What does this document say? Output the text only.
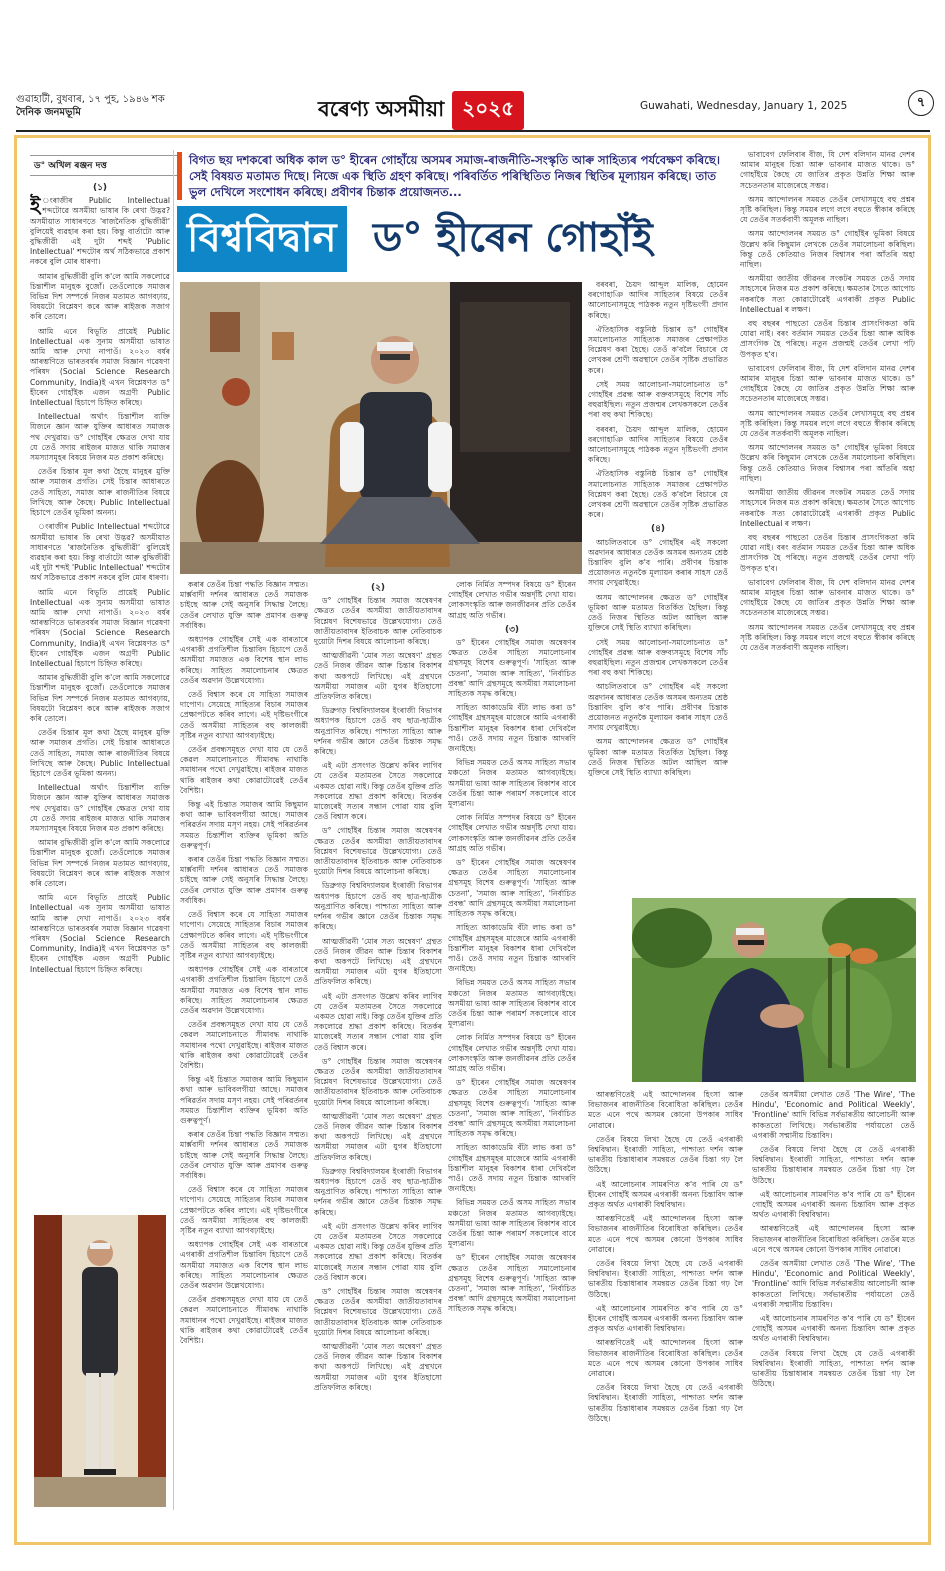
গুৱাহাটী, বুধবাৰ, ১৭ পুহ, ১৯৪৬ শক
দৈনিক জনমভূমি	বৰেণ্য অসমীয়া ২০২৫	Guwahati, Wednesday, January 1, 2025	৭
ড° অখিল ৰঞ্জন দত্ত	বিগত ছয় দশকৰো অধিক কাল ড° হীৰেন গোহাঁয়ে অসমৰ সমাজ-ৰাজনীতি-সংস্কৃতি আৰু সাহিত্যৰ পৰ্যবেক্ষণ কৰিছে। সেই বিষয়ত মতামত দিছে। নিজে এক স্থিতি গ্ৰহণ কৰিছে। পৰিবৰ্তিত পৰিস্থিতিত নিজৰ স্থিতিৰ মূল্যায়ন কৰিছে। তাত ভুল দেখিলে সংশোধন কৰিছে। প্ৰবীণৰ চিন্তাক প্ৰয়োজনত...
বিশ্ববিদ্বান ড° হীৰেন গোহাঁই
(১)
ই ংৰাজীৰ Public Intellectual শব্দটোৱে অসমীয়া ভাষাৰ কি ৰেখা উদ্ভৱ? অসমীয়াত সাধাৰণতে 'ৰাজনৈতিক বুদ্ধিজীৱী' বুলিয়েই ব্যৱহাৰ কৰা হয়। কিন্তু বাৰ্তাটো আৰু বুদ্ধিজীৱী এই দুটা শব্দই 'Public Intellectual' শব্দটোৰ অৰ্থ সঠিকভাৱে প্ৰকাশ নকৰে বুলি মোৰ ধাৰণা।

আমাৰ বুদ্ধিজীৱী বুলি ক'লে আমি সকলোৱে চিন্তাশীল মানুহক বুজোঁ। তেওঁলোকে সমাজৰ বিভিন্ন দিশ সম্পৰ্কে নিজৰ মতামত আগবঢ়ায়, বিষয়টো বিশ্লেষণ কৰে আৰু ৰাইজক সজাগ কৰি তোলে।

আমি এনে বিভূতি প্ৰায়েই Public Intellectual এক সুনাম অসমীয়া ভাষাত আমি আৰু দেখা নাপাওঁ। ২০২৩ বৰ্ষৰ আৰম্ভণিতে ভাৰতবৰ্ষৰ সমাজ বিজ্ঞান গৱেষণা পৰিষদ (Social Science Research Community, India)ই এখন বিশ্লেষণত ড° হীৰেন গোহাঁইক এজন অগ্ৰণী Public Intellectual হিচাপে চিহ্নিত কৰিছে।

Intellectual অৰ্থাৎ চিন্তাশীল ব্যক্তি যিজনে জ্ঞান আৰু যুক্তিৰ আধাৰত সমাজক পথ দেখুৱায়। ড° গোহাঁইৰ ক্ষেত্ৰত দেখা যায় যে তেওঁ সদায় ৰাইজৰ মাজত থাকি সমাজৰ সমস্যাসমূহৰ বিষয়ে নিজৰ মত প্ৰকাশ কৰিছে।

তেওঁৰ চিন্তাৰ মূল কথা হৈছে মানুহৰ মুক্তি আৰু সমাজৰ প্ৰগতি। সেই চিন্তাৰ আধাৰতে তেওঁ সাহিত্য, সমাজ আৰু ৰাজনীতিৰ বিষয়ে লিখিছে আৰু কৈছে। Public Intellectual হিচাপে তেওঁৰ ভূমিকা অনন্য।

ংৰাজীৰ Public Intellectual শব্দটোৱে অসমীয়া ভাষাৰ কি ৰেখা উদ্ভৱ? অসমীয়াত সাধাৰণতে 'ৰাজনৈতিক বুদ্ধিজীৱী' বুলিয়েই ব্যৱহাৰ কৰা হয়। কিন্তু বাৰ্তাটো আৰু বুদ্ধিজীৱী এই দুটা শব্দই 'Public Intellectual' শব্দটোৰ অৰ্থ সঠিকভাৱে প্ৰকাশ নকৰে বুলি মোৰ ধাৰণা।

আমি এনে বিভূতি প্ৰায়েই Public Intellectual এক সুনাম অসমীয়া ভাষাত আমি আৰু দেখা নাপাওঁ। ২০২৩ বৰ্ষৰ আৰম্ভণিতে ভাৰতবৰ্ষৰ সমাজ বিজ্ঞান গৱেষণা পৰিষদ (Social Science Research Community, India)ই এখন বিশ্লেষণত ড° হীৰেন গোহাঁইক এজন অগ্ৰণী Public Intellectual হিচাপে চিহ্নিত কৰিছে।

আমাৰ বুদ্ধিজীৱী বুলি ক'লে আমি সকলোৱে চিন্তাশীল মানুহক বুজোঁ। তেওঁলোকে সমাজৰ বিভিন্ন দিশ সম্পৰ্কে নিজৰ মতামত আগবঢ়ায়, বিষয়টো বিশ্লেষণ কৰে আৰু ৰাইজক সজাগ কৰি তোলে।

তেওঁৰ চিন্তাৰ মূল কথা হৈছে মানুহৰ মুক্তি আৰু সমাজৰ প্ৰগতি। সেই চিন্তাৰ আধাৰতে তেওঁ সাহিত্য, সমাজ আৰু ৰাজনীতিৰ বিষয়ে লিখিছে আৰু কৈছে। Public Intellectual হিচাপে তেওঁৰ ভূমিকা অনন্য।

Intellectual অৰ্থাৎ চিন্তাশীল ব্যক্তি যিজনে জ্ঞান আৰু যুক্তিৰ আধাৰত সমাজক পথ দেখুৱায়। ড° গোহাঁইৰ ক্ষেত্ৰত দেখা যায় যে তেওঁ সদায় ৰাইজৰ মাজত থাকি সমাজৰ সমস্যাসমূহৰ বিষয়ে নিজৰ মত প্ৰকাশ কৰিছে।

আমাৰ বুদ্ধিজীৱী বুলি ক'লে আমি সকলোৱে চিন্তাশীল মানুহক বুজোঁ। তেওঁলোকে সমাজৰ বিভিন্ন দিশ সম্পৰ্কে নিজৰ মতামত আগবঢ়ায়, বিষয়টো বিশ্লেষণ কৰে আৰু ৰাইজক সজাগ কৰি তোলে।

আমি এনে বিভূতি প্ৰায়েই Public Intellectual এক সুনাম অসমীয়া ভাষাত আমি আৰু দেখা নাপাওঁ। ২০২৩ বৰ্ষৰ আৰম্ভণিতে ভাৰতবৰ্ষৰ সমাজ বিজ্ঞান গৱেষণা পৰিষদ (Social Science Research Community, India)ই এখন বিশ্লেষণত ড° হীৰেন গোহাঁইক এজন অগ্ৰণী Public Intellectual হিচাপে চিহ্নিত কৰিছে।

কৰাৰ তেওঁৰ চিন্তা পদ্ধতি বিজ্ঞান সম্মত। মাৰ্ক্সবাদী দৰ্শনৰ আধাৰত তেওঁ সমাজক চাইছে আৰু সেই অনুসৰি সিদ্ধান্ত লৈছে। তেওঁৰ লেখাত যুক্তি আৰু প্ৰমাণৰ গুৰুত্ব সৰ্বাধিক।

অধ্যাপক গোহাঁইৰ সেই এক বাৰতাৰে এগৰাকী প্ৰগতিশীল চিন্তাবিদ হিচাপে তেওঁ অসমীয়া সমাজত এক বিশেষ স্থান লাভ কৰিছে। সাহিত্য সমালোচনাৰ ক্ষেত্ৰত তেওঁৰ অৱদান উল্লেখযোগ্য।

তেওঁ বিশ্বাস কৰে যে সাহিত্য সমাজৰ দাপোণ। সেয়েহে সাহিত্যৰ বিচাৰ সমাজৰ প্ৰেক্ষাপটতে কৰিব লাগে। এই দৃষ্টিভংগীৰে তেওঁ অসমীয়া সাহিত্যৰ বহু কালজয়ী সৃষ্টিৰ নতুন ব্যাখ্যা আগবঢ়াইছে।

তেওঁৰ প্ৰবন্ধসমূহত দেখা যায় যে তেওঁ কেৱল সমালোচনাতে সীমাবদ্ধ নাথাকি সমাধানৰ পথো দেখুৱাইছে। ৰাইজৰ মাজত থাকি ৰাইজৰ কথা কোৱাটোৱেই তেওঁৰ বৈশিষ্ট্য।

কিন্তু এই চিন্তাত সমাজৰ আমি কিছুমান কথা আৰু ভাবিবলগীয়া আছে। সমাজৰ পৰিৱৰ্তন সদায় মসৃণ নহয়। সেই পৰিৱৰ্তনৰ সময়ত চিন্তাশীল ব্যক্তিৰ ভূমিকা অতি গুৰুত্বপূৰ্ণ।

কৰাৰ তেওঁৰ চিন্তা পদ্ধতি বিজ্ঞান সম্মত। মাৰ্ক্সবাদী দৰ্শনৰ আধাৰত তেওঁ সমাজক চাইছে আৰু সেই অনুসৰি সিদ্ধান্ত লৈছে। তেওঁৰ লেখাত যুক্তি আৰু প্ৰমাণৰ গুৰুত্ব সৰ্বাধিক।

তেওঁ বিশ্বাস কৰে যে সাহিত্য সমাজৰ দাপোণ। সেয়েহে সাহিত্যৰ বিচাৰ সমাজৰ প্ৰেক্ষাপটতে কৰিব লাগে। এই দৃষ্টিভংগীৰে তেওঁ অসমীয়া সাহিত্যৰ বহু কালজয়ী সৃষ্টিৰ নতুন ব্যাখ্যা আগবঢ়াইছে।

অধ্যাপক গোহাঁইৰ সেই এক বাৰতাৰে এগৰাকী প্ৰগতিশীল চিন্তাবিদ হিচাপে তেওঁ অসমীয়া সমাজত এক বিশেষ স্থান লাভ কৰিছে। সাহিত্য সমালোচনাৰ ক্ষেত্ৰত তেওঁৰ অৱদান উল্লেখযোগ্য।

তেওঁৰ প্ৰবন্ধসমূহত দেখা যায় যে তেওঁ কেৱল সমালোচনাতে সীমাবদ্ধ নাথাকি সমাধানৰ পথো দেখুৱাইছে। ৰাইজৰ মাজত থাকি ৰাইজৰ কথা কোৱাটোৱেই তেওঁৰ বৈশিষ্ট্য।

কিন্তু এই চিন্তাত সমাজৰ আমি কিছুমান কথা আৰু ভাবিবলগীয়া আছে। সমাজৰ পৰিৱৰ্তন সদায় মসৃণ নহয়। সেই পৰিৱৰ্তনৰ সময়ত চিন্তাশীল ব্যক্তিৰ ভূমিকা অতি গুৰুত্বপূৰ্ণ।

কৰাৰ তেওঁৰ চিন্তা পদ্ধতি বিজ্ঞান সম্মত। মাৰ্ক্সবাদী দৰ্শনৰ আধাৰত তেওঁ সমাজক চাইছে আৰু সেই অনুসৰি সিদ্ধান্ত লৈছে। তেওঁৰ লেখাত যুক্তি আৰু প্ৰমাণৰ গুৰুত্ব সৰ্বাধিক।

তেওঁ বিশ্বাস কৰে যে সাহিত্য সমাজৰ দাপোণ। সেয়েহে সাহিত্যৰ বিচাৰ সমাজৰ প্ৰেক্ষাপটতে কৰিব লাগে। এই দৃষ্টিভংগীৰে তেওঁ অসমীয়া সাহিত্যৰ বহু কালজয়ী সৃষ্টিৰ নতুন ব্যাখ্যা আগবঢ়াইছে।

অধ্যাপক গোহাঁইৰ সেই এক বাৰতাৰে এগৰাকী প্ৰগতিশীল চিন্তাবিদ হিচাপে তেওঁ অসমীয়া সমাজত এক বিশেষ স্থান লাভ কৰিছে। সাহিত্য সমালোচনাৰ ক্ষেত্ৰত তেওঁৰ অৱদান উল্লেখযোগ্য।

তেওঁৰ প্ৰবন্ধসমূহত দেখা যায় যে তেওঁ কেৱল সমালোচনাতে সীমাবদ্ধ নাথাকি সমাধানৰ পথো দেখুৱাইছে। ৰাইজৰ মাজত থাকি ৰাইজৰ কথা কোৱাটোৱেই তেওঁৰ বৈশিষ্ট্য।

(২)

ড° গোহাঁইৰ চিন্তাৰ সমাজ অন্বেষণৰ ক্ষেত্ৰত তেওঁৰ অসমীয়া জাতীয়তাবাদৰ বিশ্লেষণ বিশেষভাৱে উল্লেখযোগ্য। তেওঁ জাতীয়তাবাদৰ ইতিবাচক আৰু নেতিবাচক দুয়োটা দিশৰ বিষয়ে আলোচনা কৰিছে।

আত্মজীৱনী 'মোৰ সত্য অন্বেষণ' গ্ৰন্থত তেওঁ নিজৰ জীৱন আৰু চিন্তাৰ বিকাশৰ কথা অকপটে লিখিছে। এই গ্ৰন্থখনে অসমীয়া সমাজৰ এটা যুগৰ ইতিহাসো প্ৰতিফলিত কৰিছে।

ডিব্ৰুগড় বিশ্ববিদ্যালয়ৰ ইংৰাজী বিভাগৰ অধ্যাপক হিচাপে তেওঁ বহু ছাত্ৰ-ছাত্ৰীক অনুপ্ৰাণিত কৰিছে। পাশ্চাত্য সাহিত্য আৰু দৰ্শনৰ গভীৰ জ্ঞানে তেওঁৰ চিন্তাক সমৃদ্ধ কৰিছে।

এই এটা প্ৰসংগত উল্লেখ কৰিব লাগিব যে তেওঁৰ মতামতৰ সৈতে সকলোৱে একমত হোৱা নাই। কিন্তু তেওঁৰ যুক্তিৰ প্ৰতি সকলোৱে শ্ৰদ্ধা প্ৰকাশ কৰিছে। বিতৰ্কৰ মাজেৰেই সত্যৰ সন্ধান পোৱা যায় বুলি তেওঁ বিশ্বাস কৰে।

ড° গোহাঁইৰ চিন্তাৰ সমাজ অন্বেষণৰ ক্ষেত্ৰত তেওঁৰ অসমীয়া জাতীয়তাবাদৰ বিশ্লেষণ বিশেষভাৱে উল্লেখযোগ্য। তেওঁ জাতীয়তাবাদৰ ইতিবাচক আৰু নেতিবাচক দুয়োটা দিশৰ বিষয়ে আলোচনা কৰিছে।

ডিব্ৰুগড় বিশ্ববিদ্যালয়ৰ ইংৰাজী বিভাগৰ অধ্যাপক হিচাপে তেওঁ বহু ছাত্ৰ-ছাত্ৰীক অনুপ্ৰাণিত কৰিছে। পাশ্চাত্য সাহিত্য আৰু দৰ্শনৰ গভীৰ জ্ঞানে তেওঁৰ চিন্তাক সমৃদ্ধ কৰিছে।

আত্মজীৱনী 'মোৰ সত্য অন্বেষণ' গ্ৰন্থত তেওঁ নিজৰ জীৱন আৰু চিন্তাৰ বিকাশৰ কথা অকপটে লিখিছে। এই গ্ৰন্থখনে অসমীয়া সমাজৰ এটা যুগৰ ইতিহাসো প্ৰতিফলিত কৰিছে।

এই এটা প্ৰসংগত উল্লেখ কৰিব লাগিব যে তেওঁৰ মতামতৰ সৈতে সকলোৱে একমত হোৱা নাই। কিন্তু তেওঁৰ যুক্তিৰ প্ৰতি সকলোৱে শ্ৰদ্ধা প্ৰকাশ কৰিছে। বিতৰ্কৰ মাজেৰেই সত্যৰ সন্ধান পোৱা যায় বুলি তেওঁ বিশ্বাস কৰে।

ড° গোহাঁইৰ চিন্তাৰ সমাজ অন্বেষণৰ ক্ষেত্ৰত তেওঁৰ অসমীয়া জাতীয়তাবাদৰ বিশ্লেষণ বিশেষভাৱে উল্লেখযোগ্য। তেওঁ জাতীয়তাবাদৰ ইতিবাচক আৰু নেতিবাচক দুয়োটা দিশৰ বিষয়ে আলোচনা কৰিছে।

আত্মজীৱনী 'মোৰ সত্য অন্বেষণ' গ্ৰন্থত তেওঁ নিজৰ জীৱন আৰু চিন্তাৰ বিকাশৰ কথা অকপটে লিখিছে। এই গ্ৰন্থখনে অসমীয়া সমাজৰ এটা যুগৰ ইতিহাসো প্ৰতিফলিত কৰিছে।

ডিব্ৰুগড় বিশ্ববিদ্যালয়ৰ ইংৰাজী বিভাগৰ অধ্যাপক হিচাপে তেওঁ বহু ছাত্ৰ-ছাত্ৰীক অনুপ্ৰাণিত কৰিছে। পাশ্চাত্য সাহিত্য আৰু দৰ্শনৰ গভীৰ জ্ঞানে তেওঁৰ চিন্তাক সমৃদ্ধ কৰিছে।

এই এটা প্ৰসংগত উল্লেখ কৰিব লাগিব যে তেওঁৰ মতামতৰ সৈতে সকলোৱে একমত হোৱা নাই। কিন্তু তেওঁৰ যুক্তিৰ প্ৰতি সকলোৱে শ্ৰদ্ধা প্ৰকাশ কৰিছে। বিতৰ্কৰ মাজেৰেই সত্যৰ সন্ধান পোৱা যায় বুলি তেওঁ বিশ্বাস কৰে।

ড° গোহাঁইৰ চিন্তাৰ সমাজ অন্বেষণৰ ক্ষেত্ৰত তেওঁৰ অসমীয়া জাতীয়তাবাদৰ বিশ্লেষণ বিশেষভাৱে উল্লেখযোগ্য। তেওঁ জাতীয়তাবাদৰ ইতিবাচক আৰু নেতিবাচক দুয়োটা দিশৰ বিষয়ে আলোচনা কৰিছে।

আত্মজীৱনী 'মোৰ সত্য অন্বেষণ' গ্ৰন্থত তেওঁ নিজৰ জীৱন আৰু চিন্তাৰ বিকাশৰ কথা অকপটে লিখিছে। এই গ্ৰন্থখনে অসমীয়া সমাজৰ এটা যুগৰ ইতিহাসো প্ৰতিফলিত কৰিছে।

লোক নিৰ্মিত সম্পদৰ বিষয়ে ড° হীৰেন গোহাঁইৰ লেখাত গভীৰ অন্তৰ্দৃষ্টি দেখা যায়। লোকসংস্কৃতি আৰু জনজীৱনৰ প্ৰতি তেওঁৰ আগ্ৰহ অতি গভীৰ।

(৩)

ড° হীৰেন গোহাঁইৰ সমাজ অন্বেষণৰ ক্ষেত্ৰত তেওঁৰ সাহিত্য সমালোচনাৰ গ্ৰন্থসমূহ বিশেষ গুৰুত্বপূৰ্ণ। 'সাহিত্য আৰু চেতনা', 'সমাজ আৰু সাহিত্য', 'নিৰ্বাচিত প্ৰবন্ধ' আদি গ্ৰন্থসমূহে অসমীয়া সমালোচনা সাহিত্যক সমৃদ্ধ কৰিছে।

সাহিত্য আকাডেমি বঁটা লাভ কৰা ড° গোহাঁইৰ গ্ৰন্থসমূহৰ মাজেৰে আমি এগৰাকী চিন্তাশীল মানুহৰ বিকাশৰ ধাৰা দেখিবলৈ পাওঁ। তেওঁ সদায় নতুন চিন্তাক আদৰণি জনাইছে।

বিভিন্ন সময়ত তেওঁ অসম সাহিত্য সভাৰ মঞ্চতো নিজৰ মতামত আগবঢ়াইছে। অসমীয়া ভাষা আৰু সাহিত্যৰ বিকাশৰ বাবে তেওঁৰ চিন্তা আৰু পৰামৰ্শ সকলোৰে বাবে মূল্যৱান।

লোক নিৰ্মিত সম্পদৰ বিষয়ে ড° হীৰেন গোহাঁইৰ লেখাত গভীৰ অন্তৰ্দৃষ্টি দেখা যায়। লোকসংস্কৃতি আৰু জনজীৱনৰ প্ৰতি তেওঁৰ আগ্ৰহ অতি গভীৰ।

ড° হীৰেন গোহাঁইৰ সমাজ অন্বেষণৰ ক্ষেত্ৰত তেওঁৰ সাহিত্য সমালোচনাৰ গ্ৰন্থসমূহ বিশেষ গুৰুত্বপূৰ্ণ। 'সাহিত্য আৰু চেতনা', 'সমাজ আৰু সাহিত্য', 'নিৰ্বাচিত প্ৰবন্ধ' আদি গ্ৰন্থসমূহে অসমীয়া সমালোচনা সাহিত্যক সমৃদ্ধ কৰিছে।

সাহিত্য আকাডেমি বঁটা লাভ কৰা ড° গোহাঁইৰ গ্ৰন্থসমূহৰ মাজেৰে আমি এগৰাকী চিন্তাশীল মানুহৰ বিকাশৰ ধাৰা দেখিবলৈ পাওঁ। তেওঁ সদায় নতুন চিন্তাক আদৰণি জনাইছে।

বিভিন্ন সময়ত তেওঁ অসম সাহিত্য সভাৰ মঞ্চতো নিজৰ মতামত আগবঢ়াইছে। অসমীয়া ভাষা আৰু সাহিত্যৰ বিকাশৰ বাবে তেওঁৰ চিন্তা আৰু পৰামৰ্শ সকলোৰে বাবে মূল্যৱান।

লোক নিৰ্মিত সম্পদৰ বিষয়ে ড° হীৰেন গোহাঁইৰ লেখাত গভীৰ অন্তৰ্দৃষ্টি দেখা যায়। লোকসংস্কৃতি আৰু জনজীৱনৰ প্ৰতি তেওঁৰ আগ্ৰহ অতি গভীৰ।

ড° হীৰেন গোহাঁইৰ সমাজ অন্বেষণৰ ক্ষেত্ৰত তেওঁৰ সাহিত্য সমালোচনাৰ গ্ৰন্থসমূহ বিশেষ গুৰুত্বপূৰ্ণ। 'সাহিত্য আৰু চেতনা', 'সমাজ আৰু সাহিত্য', 'নিৰ্বাচিত প্ৰবন্ধ' আদি গ্ৰন্থসমূহে অসমীয়া সমালোচনা সাহিত্যক সমৃদ্ধ কৰিছে।

সাহিত্য আকাডেমি বঁটা লাভ কৰা ড° গোহাঁইৰ গ্ৰন্থসমূহৰ মাজেৰে আমি এগৰাকী চিন্তাশীল মানুহৰ বিকাশৰ ধাৰা দেখিবলৈ পাওঁ। তেওঁ সদায় নতুন চিন্তাক আদৰণি জনাইছে।

বিভিন্ন সময়ত তেওঁ অসম সাহিত্য সভাৰ মঞ্চতো নিজৰ মতামত আগবঢ়াইছে। অসমীয়া ভাষা আৰু সাহিত্যৰ বিকাশৰ বাবে তেওঁৰ চিন্তা আৰু পৰামৰ্শ সকলোৰে বাবে মূল্যৱান।

ড° হীৰেন গোহাঁইৰ সমাজ অন্বেষণৰ ক্ষেত্ৰত তেওঁৰ সাহিত্য সমালোচনাৰ গ্ৰন্থসমূহ বিশেষ গুৰুত্বপূৰ্ণ। 'সাহিত্য আৰু চেতনা', 'সমাজ আৰু সাহিত্য', 'নিৰ্বাচিত প্ৰবন্ধ' আদি গ্ৰন্থসমূহে অসমীয়া সমালোচনা সাহিত্যক সমৃদ্ধ কৰিছে।

বৰবৰা, চৈয়দ আব্দুল মালিক, হোমেন বৰগোহাঞি আদিৰ সাহিত্যৰ বিষয়ে তেওঁৰ আলোচনাসমূহে পাঠকক নতুন দৃষ্টিভংগী প্ৰদান কৰিছে।

ঐতিহাসিক বস্তুনিষ্ঠ চিন্তাৰ ড° গোহাঁইৰ সমালোচনাত সাহিত্যক সমাজৰ প্ৰেক্ষাপটত বিশ্লেষণ কৰা হৈছে। তেওঁ ক'বলৈ বিচাৰে যে লেখকৰ শ্ৰেণী অৱস্থানে তেওঁৰ সৃষ্টিক প্ৰভাৱিত কৰে।

সেই সময় আলোচনা-সমালোচনাত ড° গোহাঁইৰ প্ৰৱন্ধ আৰু বক্তব্যসমূহে বিশেষ সাঁচ বহুৱাইছিল। নতুন প্ৰজন্মৰ লেখকসকলে তেওঁৰ পৰা বহু কথা শিকিছে।

বৰবৰা, চৈয়দ আব্দুল মালিক, হোমেন বৰগোহাঞি আদিৰ সাহিত্যৰ বিষয়ে তেওঁৰ আলোচনাসমূহে পাঠকক নতুন দৃষ্টিভংগী প্ৰদান কৰিছে।

ঐতিহাসিক বস্তুনিষ্ঠ চিন্তাৰ ড° গোহাঁইৰ সমালোচনাত সাহিত্যক সমাজৰ প্ৰেক্ষাপটত বিশ্লেষণ কৰা হৈছে। তেওঁ ক'বলৈ বিচাৰে যে লেখকৰ শ্ৰেণী অৱস্থানে তেওঁৰ সৃষ্টিক প্ৰভাৱিত কৰে।

(৪)

আচলিতবাৰে ড° গোহাঁইৰ এই সকলো অৱদানৰ আধাৰত তেওঁক অসমৰ অন্যতম শ্ৰেষ্ঠ চিন্তাবিদ বুলি ক'ব পাৰি। প্ৰবীণৰ চিন্তাক প্ৰয়োজনত নতুনকৈ মূল্যায়ন কৰাৰ সাহস তেওঁ সদায় দেখুৱাইছে।

অসম আন্দোলনৰ ক্ষেত্ৰত ড° গোহাঁইৰ ভূমিকা আৰু মতামত বিতৰ্কিত হৈছিল। কিন্তু তেওঁ নিজৰ স্থিতিত অটল আছিল আৰু যুক্তিৰে সেই স্থিতি ব্যাখ্যা কৰিছিল।

সেই সময় আলোচনা-সমালোচনাত ড° গোহাঁইৰ প্ৰৱন্ধ আৰু বক্তব্যসমূহে বিশেষ সাঁচ বহুৱাইছিল। নতুন প্ৰজন্মৰ লেখকসকলে তেওঁৰ পৰা বহু কথা শিকিছে।

আচলিতবাৰে ড° গোহাঁইৰ এই সকলো অৱদানৰ আধাৰত তেওঁক অসমৰ অন্যতম শ্ৰেষ্ঠ চিন্তাবিদ বুলি ক'ব পাৰি। প্ৰবীণৰ চিন্তাক প্ৰয়োজনত নতুনকৈ মূল্যায়ন কৰাৰ সাহস তেওঁ সদায় দেখুৱাইছে।

অসম আন্দোলনৰ ক্ষেত্ৰত ড° গোহাঁইৰ ভূমিকা আৰু মতামত বিতৰ্কিত হৈছিল। কিন্তু তেওঁ নিজৰ স্থিতিত অটল আছিল আৰু যুক্তিৰে সেই স্থিতি ব্যাখ্যা কৰিছিল।

ভাবাবেগ ফেলিবাৰ বীজ, যি দেশ বলিদান মানৱ দেশৰ আমাৰ মানুহৰ চিন্তা আৰু ভাবনাৰ মাজত থাকে। ড° গোহাঁইয়ে কৈছে যে জাতিৰ প্ৰকৃত উন্নতি শিক্ষা আৰু সচেতনতাৰ মাজেৰেহে সম্ভৱ।

অসম আন্দোলনৰ সময়ত তেওঁৰ লেখাসমূহে বহু প্ৰশ্নৰ সৃষ্টি কৰিছিল। কিন্তু সময়ৰ লগে লগে বহুতে স্বীকাৰ কৰিছে যে তেওঁৰ সতৰ্কবাণী অমূলক নাছিল।

অসম আন্দোলনৰ সময়ত ড° গোহাঁইৰ ভূমিকা বিষয়ে উল্লেখ কৰি কিছুমান লেখকে তেওঁৰ সমালোচনা কৰিছিল। কিন্তু তেওঁ কেতিয়াও নিজৰ বিশ্বাসৰ পৰা আঁতৰি অহা নাছিল।

অসমীয়া জাতীয় জীৱনৰ সংকটৰ সময়ত তেওঁ সদায় সাহসেৰে নিজৰ মত প্ৰকাশ কৰিছে। ক্ষমতাৰ সৈতে আপোচ নকৰাকৈ সত্য কোৱাটোৱেই এগৰাকী প্ৰকৃত Public Intellectual ৰ লক্ষণ।

বহু বছৰৰ পাছতো তেওঁৰ চিন্তাৰ প্ৰাসংগিকতা কমি যোৱা নাই। বৰং বৰ্তমান সময়ত তেওঁৰ চিন্তা আৰু অধিক প্ৰাসংগিক হৈ পৰিছে। নতুন প্ৰজন্মই তেওঁৰ লেখা পঢ়ি উপকৃত হ'ব।

ভাবাবেগ ফেলিবাৰ বীজ, যি দেশ বলিদান মানৱ দেশৰ আমাৰ মানুহৰ চিন্তা আৰু ভাবনাৰ মাজত থাকে। ড° গোহাঁইয়ে কৈছে যে জাতিৰ প্ৰকৃত উন্নতি শিক্ষা আৰু সচেতনতাৰ মাজেৰেহে সম্ভৱ।

অসম আন্দোলনৰ সময়ত তেওঁৰ লেখাসমূহে বহু প্ৰশ্নৰ সৃষ্টি কৰিছিল। কিন্তু সময়ৰ লগে লগে বহুতে স্বীকাৰ কৰিছে যে তেওঁৰ সতৰ্কবাণী অমূলক নাছিল।

অসম আন্দোলনৰ সময়ত ড° গোহাঁইৰ ভূমিকা বিষয়ে উল্লেখ কৰি কিছুমান লেখকে তেওঁৰ সমালোচনা কৰিছিল। কিন্তু তেওঁ কেতিয়াও নিজৰ বিশ্বাসৰ পৰা আঁতৰি অহা নাছিল।

অসমীয়া জাতীয় জীৱনৰ সংকটৰ সময়ত তেওঁ সদায় সাহসেৰে নিজৰ মত প্ৰকাশ কৰিছে। ক্ষমতাৰ সৈতে আপোচ নকৰাকৈ সত্য কোৱাটোৱেই এগৰাকী প্ৰকৃত Public Intellectual ৰ লক্ষণ।

বহু বছৰৰ পাছতো তেওঁৰ চিন্তাৰ প্ৰাসংগিকতা কমি যোৱা নাই। বৰং বৰ্তমান সময়ত তেওঁৰ চিন্তা আৰু অধিক প্ৰাসংগিক হৈ পৰিছে। নতুন প্ৰজন্মই তেওঁৰ লেখা পঢ়ি উপকৃত হ'ব।

ভাবাবেগ ফেলিবাৰ বীজ, যি দেশ বলিদান মানৱ দেশৰ আমাৰ মানুহৰ চিন্তা আৰু ভাবনাৰ মাজত থাকে। ড° গোহাঁইয়ে কৈছে যে জাতিৰ প্ৰকৃত উন্নতি শিক্ষা আৰু সচেতনতাৰ মাজেৰেহে সম্ভৱ।

অসম আন্দোলনৰ সময়ত তেওঁৰ লেখাসমূহে বহু প্ৰশ্নৰ সৃষ্টি কৰিছিল। কিন্তু সময়ৰ লগে লগে বহুতে স্বীকাৰ কৰিছে যে তেওঁৰ সতৰ্কবাণী অমূলক নাছিল।

আৰম্ভণিতেই এই আন্দোলনৰ হিংসা আৰু বিভাজনৰ ৰাজনীতিৰ বিৰোধিতা কৰিছিল। তেওঁৰ মতে এনে পথে অসমৰ কোনো উপকাৰ সাধিব নোৱাৰে।

তেওঁৰ বিষয়ে লিখা হৈছে যে তেওঁ এগৰাকী বিশ্ববিদ্বান। ইংৰাজী সাহিত্য, পাশ্চাত্য দৰ্শন আৰু ভাৰতীয় চিন্তাধাৰাৰ সমন্বয়ত তেওঁৰ চিন্তা গঢ় লৈ উঠিছে।

এই আলোচনাৰ সামৰণিত ক'ব পাৰি যে ড° হীৰেন গোহাঁই অসমৰ এগৰাকী অনন্য চিন্তাবিদ আৰু প্ৰকৃত অৰ্থত এগৰাকী বিশ্ববিদ্বান।

আৰম্ভণিতেই এই আন্দোলনৰ হিংসা আৰু বিভাজনৰ ৰাজনীতিৰ বিৰোধিতা কৰিছিল। তেওঁৰ মতে এনে পথে অসমৰ কোনো উপকাৰ সাধিব নোৱাৰে।

তেওঁৰ বিষয়ে লিখা হৈছে যে তেওঁ এগৰাকী বিশ্ববিদ্বান। ইংৰাজী সাহিত্য, পাশ্চাত্য দৰ্শন আৰু ভাৰতীয় চিন্তাধাৰাৰ সমন্বয়ত তেওঁৰ চিন্তা গঢ় লৈ উঠিছে।

এই আলোচনাৰ সামৰণিত ক'ব পাৰি যে ড° হীৰেন গোহাঁই অসমৰ এগৰাকী অনন্য চিন্তাবিদ আৰু প্ৰকৃত অৰ্থত এগৰাকী বিশ্ববিদ্বান।

আৰম্ভণিতেই এই আন্দোলনৰ হিংসা আৰু বিভাজনৰ ৰাজনীতিৰ বিৰোধিতা কৰিছিল। তেওঁৰ মতে এনে পথে অসমৰ কোনো উপকাৰ সাধিব নোৱাৰে।

তেওঁৰ বিষয়ে লিখা হৈছে যে তেওঁ এগৰাকী বিশ্ববিদ্বান। ইংৰাজী সাহিত্য, পাশ্চাত্য দৰ্শন আৰু ভাৰতীয় চিন্তাধাৰাৰ সমন্বয়ত তেওঁৰ চিন্তা গঢ় লৈ উঠিছে।

তেওঁৰ অসমীয়া লেখাত তেওঁ 'The Wire', 'The Hindu', 'Economic and Political Weekly', 'Frontline' আদি বিভিন্ন সৰ্বভাৰতীয় আলোচনী আৰু কাকততো লিখিছে। সৰ্বভাৰতীয় পৰ্যায়তো তেওঁ এগৰাকী সন্মানীয় চিন্তাবিদ।

তেওঁৰ বিষয়ে লিখা হৈছে যে তেওঁ এগৰাকী বিশ্ববিদ্বান। ইংৰাজী সাহিত্য, পাশ্চাত্য দৰ্শন আৰু ভাৰতীয় চিন্তাধাৰাৰ সমন্বয়ত তেওঁৰ চিন্তা গঢ় লৈ উঠিছে।

এই আলোচনাৰ সামৰণিত ক'ব পাৰি যে ড° হীৰেন গোহাঁই অসমৰ এগৰাকী অনন্য চিন্তাবিদ আৰু প্ৰকৃত অৰ্থত এগৰাকী বিশ্ববিদ্বান।

আৰম্ভণিতেই এই আন্দোলনৰ হিংসা আৰু বিভাজনৰ ৰাজনীতিৰ বিৰোধিতা কৰিছিল। তেওঁৰ মতে এনে পথে অসমৰ কোনো উপকাৰ সাধিব নোৱাৰে।

তেওঁৰ অসমীয়া লেখাত তেওঁ 'The Wire', 'The Hindu', 'Economic and Political Weekly', 'Frontline' আদি বিভিন্ন সৰ্বভাৰতীয় আলোচনী আৰু কাকততো লিখিছে। সৰ্বভাৰতীয় পৰ্যায়তো তেওঁ এগৰাকী সন্মানীয় চিন্তাবিদ।

এই আলোচনাৰ সামৰণিত ক'ব পাৰি যে ড° হীৰেন গোহাঁই অসমৰ এগৰাকী অনন্য চিন্তাবিদ আৰু প্ৰকৃত অৰ্থত এগৰাকী বিশ্ববিদ্বান।

তেওঁৰ বিষয়ে লিখা হৈছে যে তেওঁ এগৰাকী বিশ্ববিদ্বান। ইংৰাজী সাহিত্য, পাশ্চাত্য দৰ্শন আৰু ভাৰতীয় চিন্তাধাৰাৰ সমন্বয়ত তেওঁৰ চিন্তা গঢ় লৈ উঠিছে।
